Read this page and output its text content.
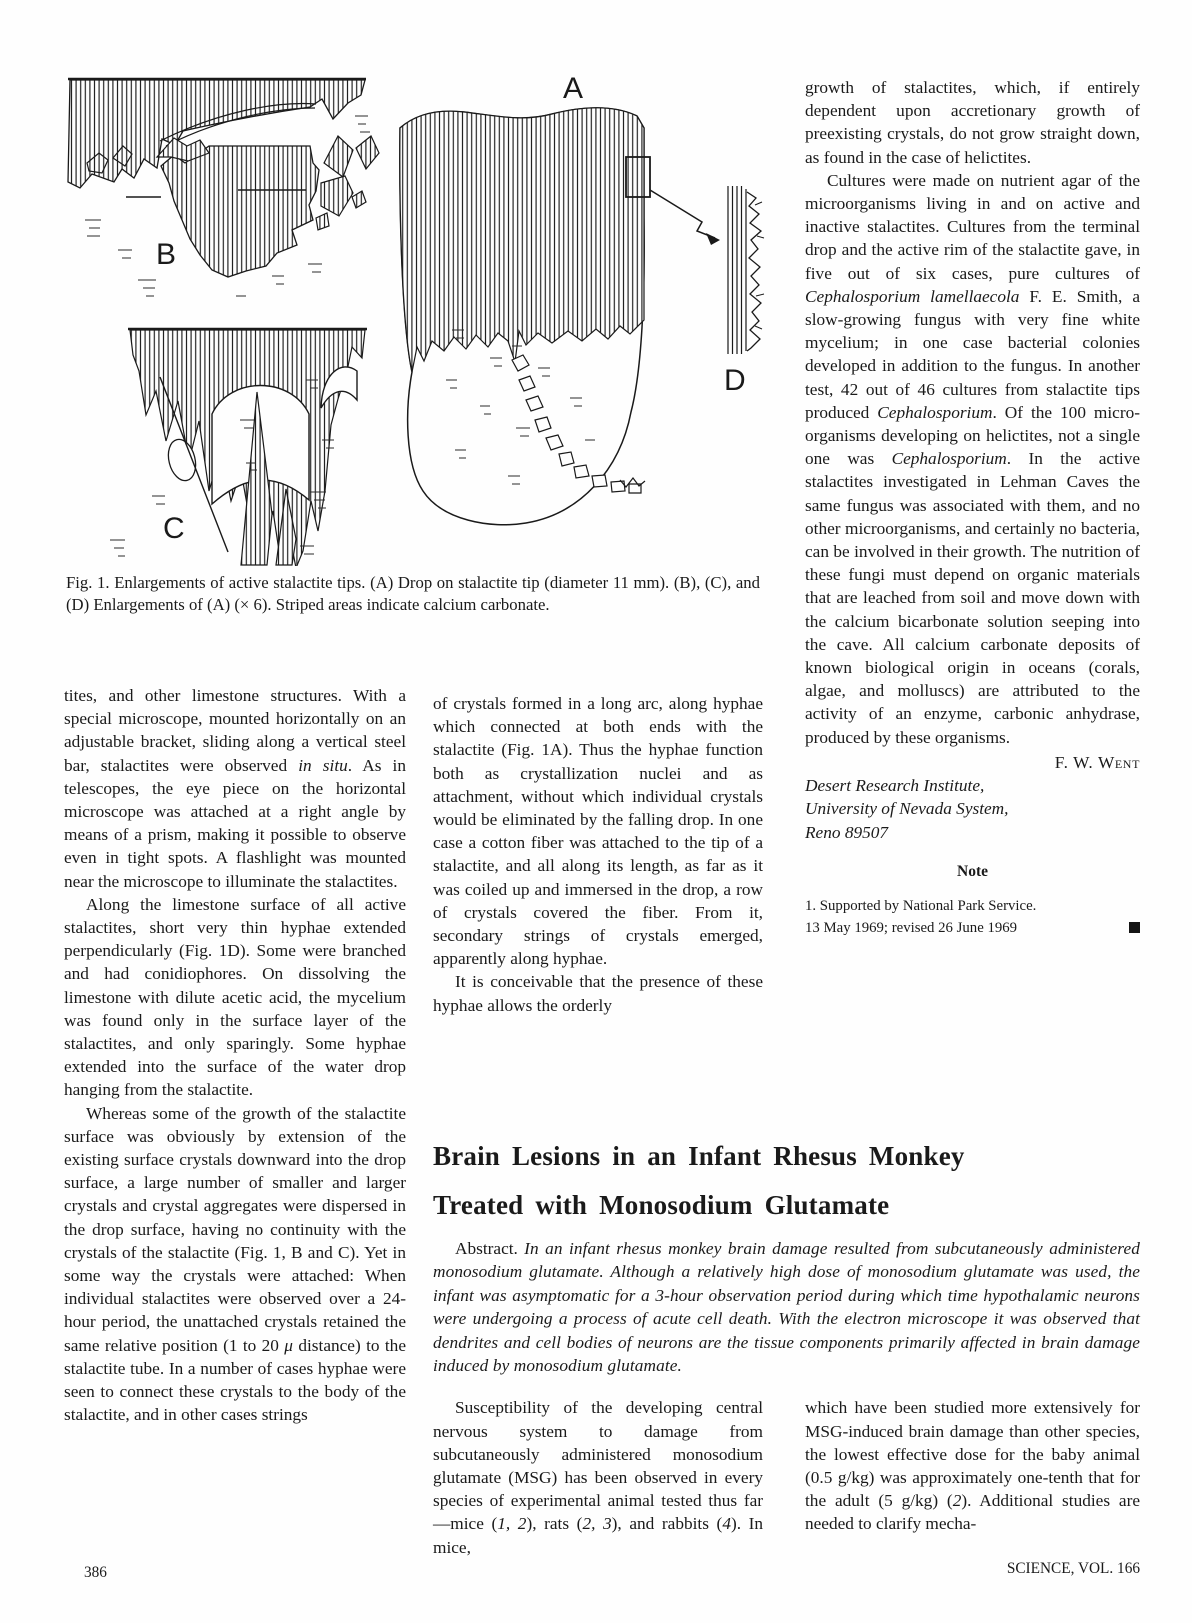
B
C
A
D
Fig. 1. Enlargements of active stalactite tips. (A) Drop on stalactite tip (diameter 11 mm). (B), (C), and (D) Enlargements of (A) (× 6). Striped areas indicate calcium carbonate.

tites, and other limestone structures. With a special microscope, mounted horizontally on an adjustable bracket, sliding along a vertical steel bar, stalactites were observed in situ. As in telescopes, the eye piece on the horizontal microscope was attached at a right angle by means of a prism, making it possible to observe even in tight spots. A flashlight was mounted near the microscope to illuminate the stalactites.

Along the limestone surface of all active stalactites, short very thin hyphae extended perpendicularly (Fig. 1D). Some were branched and had conidiophores. On dissolving the limestone with dilute acetic acid, the mycelium was found only in the surface layer of the stalactites, and only sparingly. Some hyphae extended into the surface of the water drop hanging from the stalactite.

Whereas some of the growth of the stalactite surface was obviously by extension of the existing surface crystals downward into the drop surface, a large number of smaller and larger crystals and crystal aggregates were dispersed in the drop surface, having no continuity with the crystals of the stalactite (Fig. 1, B and C). Yet in some way the crystals were attached: When individual stalactites were observed over a 24-hour period, the unattached crystals retained the same relative position (1 to 20 μ distance) to the stalactite tube. In a number of cases hyphae were seen to connect these crystals to the body of the stalactite, and in other cases strings

of crystals formed in a long arc, along hyphae which connected at both ends with the stalactite (Fig. 1A). Thus the hyphae function both as crystallization nuclei and as attachment, without which individual crystals would be eliminated by the falling drop. In one case a cotton fiber was attached to the tip of a stalactite, and all along its length, as far as it was coiled up and immersed in the drop, a row of crystals covered the fiber. From it, secondary strings of crystals emerged, apparently along hyphae.

It is conceivable that the presence of these hyphae allows the orderly

growth of stalactites, which, if entirely dependent upon accretionary growth of preexisting crystals, do not grow straight down, as found in the case of helictites.

Cultures were made on nutrient agar of the microorganisms living in and on active and inactive stalactites. Cultures from the terminal drop and the active rim of the stalactite gave, in five out of six cases, pure cultures of Cephalosporium lamellaecola F. E. Smith, a slow-growing fungus with very fine white mycelium; in one case bacterial colonies developed in addition to the fungus. In another test, 42 out of 46 cultures from stalactite tips produced Cephalosporium. Of the 100 micro-organisms developing on helictites, not a single one was Cephalosporium. In the active stalactites investigated in Lehman Caves the same fungus was associated with them, and no other microorganisms, and certainly no bacteria, can be involved in their growth. The nutrition of these fungi must depend on organic materials that are leached from soil and move down with the calcium bicarbonate solution seeping into the cave. All calcium carbonate deposits of known biological origin in oceans (corals, algae, and molluscs) are attributed to the activity of an enzyme, carbonic anhydrase, produced by these organisms.

F. W. Went
Desert Research Institute,
University of Nevada System,
Reno 89507
Note
1. Supported by National Park Service.
13 May 1969; revised 26 June 1969
Brain Lesions in an Infant Rhesus Monkey
Treated with Monosodium Glutamate
Abstract. In an infant rhesus monkey brain damage resulted from subcutaneously administered monosodium glutamate. Although a relatively high dose of monosodium glutamate was used, the infant was asymptomatic for a 3-hour observation period during which time hypothalamic neurons were undergoing a process of acute cell death. With the electron microscope it was observed that dendrites and cell bodies of neurons are the tissue components primarily affected in brain damage induced by monosodium glutamate.

Susceptibility of the developing central nervous system to damage from subcutaneously administered monosodium glutamate (MSG) has been observed in every species of experimental animal tested thus far—mice (1, 2), rats (2, 3), and rabbits (4). In mice,

which have been studied more extensively for MSG-induced brain damage than other species, the lowest effective dose for the baby animal (0.5 g/kg) was approximately one-tenth that for the adult (5 g/kg) (2). Additional studies are needed to clarify mecha-

386	SCIENCE, VOL. 166
